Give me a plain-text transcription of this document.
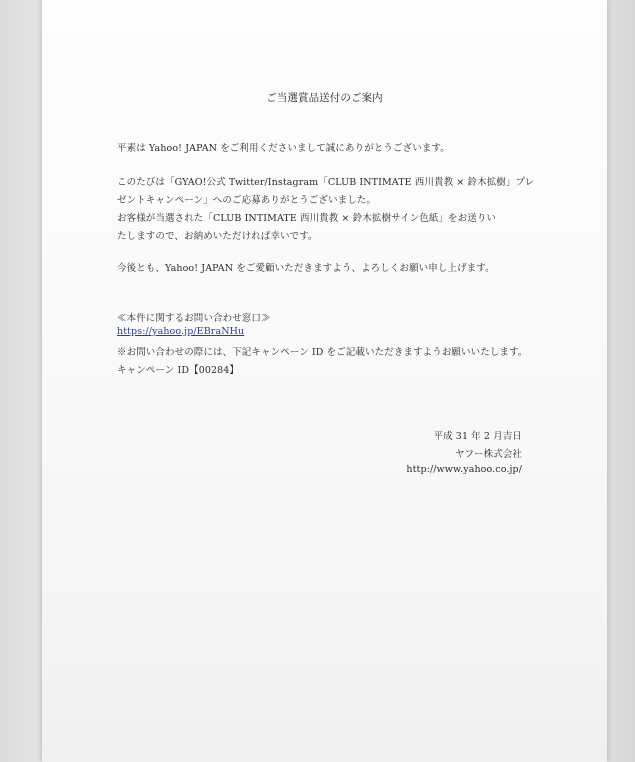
ご当選賞品送付のご案内
平素は Yahoo! JAPAN をご利用くださいまして誠にありがとうございます。
このたびは「GYAO!公式 Twitter/Instagram「CLUB INTIMATE 西川貴教 × 鈴木拡樹」プレ
ゼントキャンペーン」へのご応募ありがとうございました。
お客様が当選された「CLUB INTIMATE 西川貴教 × 鈴木拡樹サイン色紙」をお送りい
たしますので、お納めいただければ幸いです。
今後とも、Yahoo! JAPAN をご愛顧いただきますよう、よろしくお願い申し上げます。
≪本件に関するお問い合わせ窓口≫
https://yahoo.jp/EBraNHu
※お問い合わせの際には、下記キャンペーン ID をご記載いただきますようお願いいたします。
キャンペーン ID【00284】
平成 31 年 2 月吉日
ヤフー株式会社
http://www.yahoo.co.jp/
